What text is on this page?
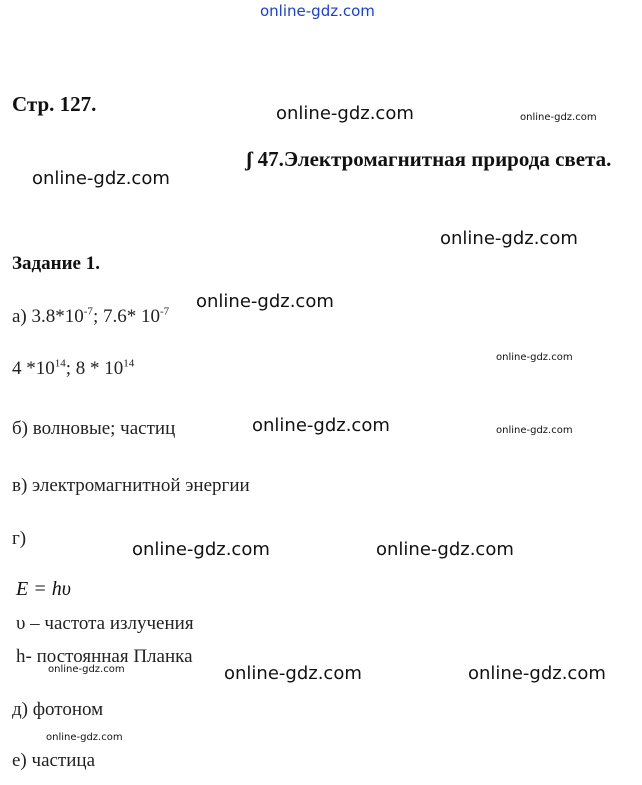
online-gdz.com
Стр. 127.	online-gdz.com	online-gdz.com
ʃ 47.Электромагнитная природа света.
online-gdz.com
online-gdz.com
Задание 1.
а) $3.8*10^{-7}$; 7.6* $10^{-7}$ online-gdz.com
4 $*10^{14}$; $8 * 10^{14}$
online-gdz.com
б) волновые; частиц	online-gdz.com	online-gdz.com
в) электромагнитной энергии
г)
online-gdz.com	online-gdz.com
E = hυ
υ – частота излучения
h- постоянная Планка
online-gdz.com	online-gdz.com	online-gdz.com
д) фотоном
online-gdz.com
е) частица
